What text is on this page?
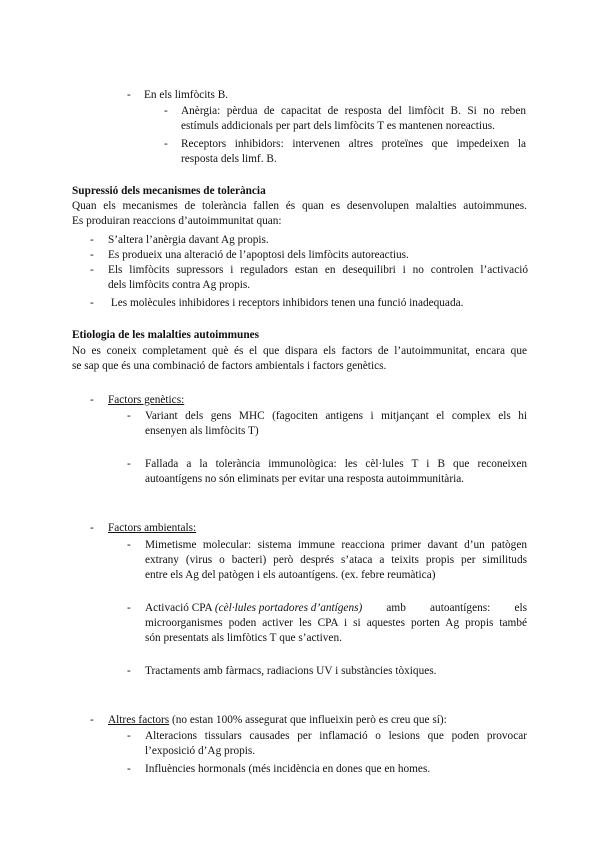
- En els limfòcits B.
- Anèrgia: pèrdua de capacitat de resposta del limfòcit B. Si no reben
estímuls addicionals per part dels limfòcits T es mantenen noreactius.
- Receptors inhibidors: intervenen altres proteïnes que impedeixen la
resposta dels limf. B.
Supressió dels mecanismes de tolerància
Quan els mecanismes de tolerància fallen és quan es desenvolupen malalties autoimmunes.
Es produiran reaccions d’autoimmunitat quan:
- S’altera l’anèrgia davant Ag propis.
- Es produeix una alteració de l’apoptosi dels limfòcits autoreactius.
- Els limfòcits supressors i reguladors estan en desequilibri i no controlen l’activació
dels limfòcits contra Ag propis.
- Les molècules inhibidores i receptors inhibidors tenen una funció inadequada.
Etiologia de les malalties autoimmunes
No es coneix completament què és el que dispara els factors de l’autoimmunitat, encara que
se sap que és una combinació de factors ambientals i factors genètics.
- Factors genètics:
- Variant dels gens MHC (fagociten antigens i mitjançant el complex els hi
ensenyen als limfòcits T)
- Fallada a la tolerància immunològica: les cèl·lules T i B que reconeixen
autoantígens no són eliminats per evitar una resposta autoimmunitària.
- Factors ambientals:
- Mimetisme molecular: sistema immune reacciona primer davant d’un patògen
extrany (virus o bacteri) però després s’ataca a teixits propis per similituds
entre els Ag del patògen i els autoantígens. (ex. febre reumàtica)
- Activació CPA (cèl·lules portadores d’antígens) amb autoantígens: els
microorganismes poden activer les CPA i si aquestes porten Ag propis també
són presentats als limfòtics T que s’activen.
- Tractaments amb fàrmacs, radiacions UV i substàncies tòxiques.
- Altres factors (no estan 100% assegurat que influeixin però es creu que sí):
- Alteracions tissulars causades per inflamació o lesions que poden provocar
l’exposició d’Ag propis.
- Influències hormonals (més incidència en dones que en homes.
